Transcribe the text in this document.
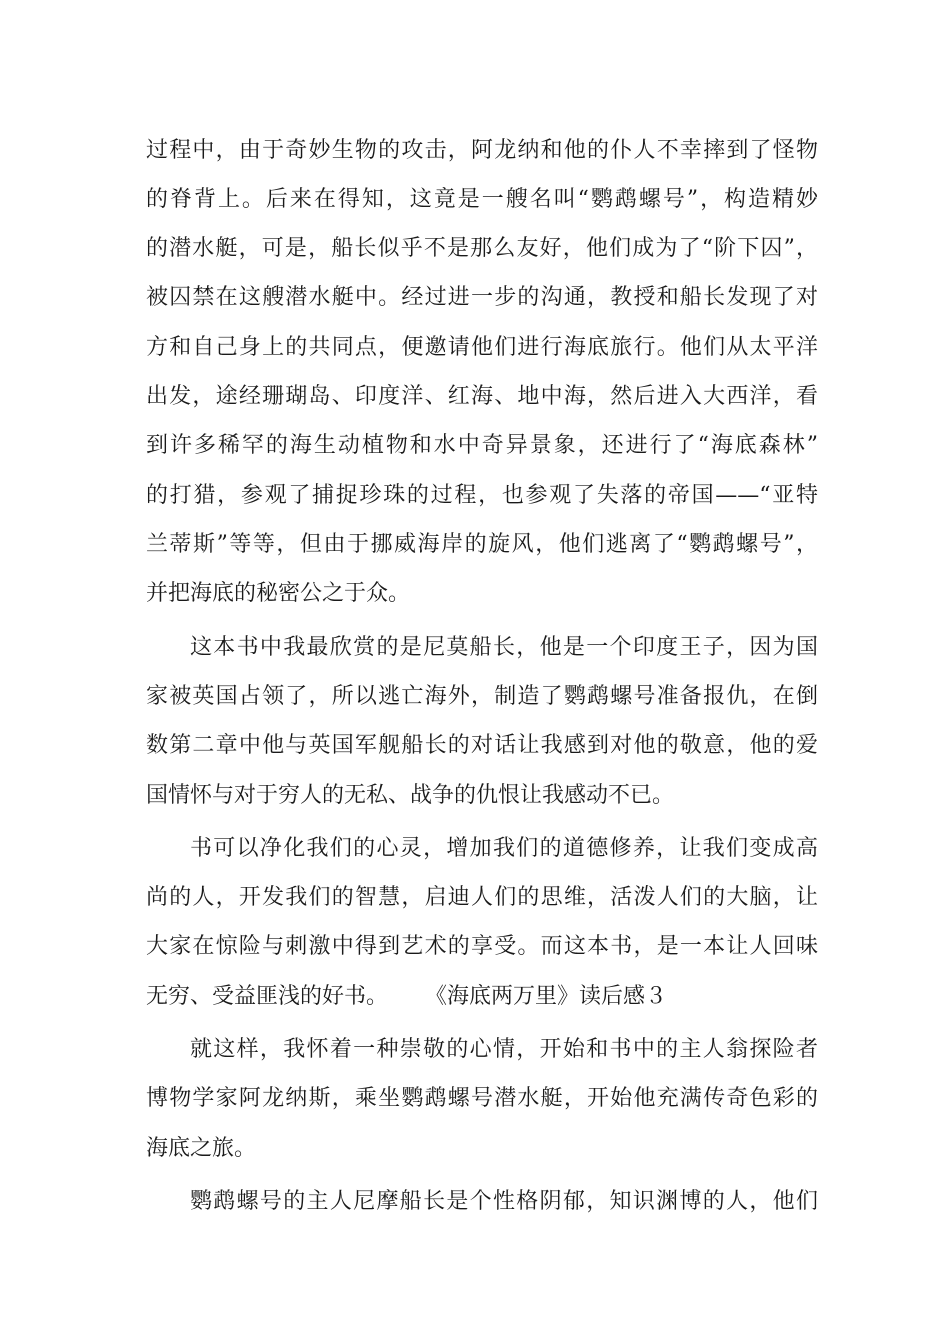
过程中，由于奇妙生物的攻击，阿龙纳和他的仆人不幸摔到了怪物
的脊背上。后来在得知，这竟是一艘名叫“鹦鹉螺号”，构造精妙
的潜水艇，可是，船长似乎不是那么友好，他们成为了“阶下囚”，
被囚禁在这艘潜水艇中。经过进一步的沟通，教授和船长发现了对
方和自己身上的共同点，便邀请他们进行海底旅行。他们从太平洋
出发，途经珊瑚岛、印度洋、红海、地中海，然后进入大西洋，看
到许多稀罕的海生动植物和水中奇异景象，还进行了“海底森林”
的打猎，参观了捕捉珍珠的过程，也参观了失落的帝国——“亚特
兰蒂斯”等等，但由于挪威海岸的旋风，他们逃离了“鹦鹉螺号”，
并把海底的秘密公之于众。
这本书中我最欣赏的是尼莫船长，他是一个印度王子，因为国
家被英国占领了，所以逃亡海外，制造了鹦鹉螺号准备报仇，在倒
数第二章中他与英国军舰船长的对话让我感到对他的敬意，他的爱
国情怀与对于穷人的无私、战争的仇恨让我感动不已。
书可以净化我们的心灵，增加我们的道德修养，让我们变成高
尚的人，开发我们的智慧，启迪人们的思维，活泼人们的大脑，让
大家在惊险与刺激中得到艺术的享受。而这本书，是一本让人回味
无穷、受益匪浅的好书。 《海底两万里》读后感３
就这样，我怀着一种崇敬的心情，开始和书中的主人翁探险者
博物学家阿龙纳斯，乘坐鹦鹉螺号潜水艇，开始他充满传奇色彩的
海底之旅。
鹦鹉螺号的主人尼摩船长是个性格阴郁，知识渊博的人，他们
